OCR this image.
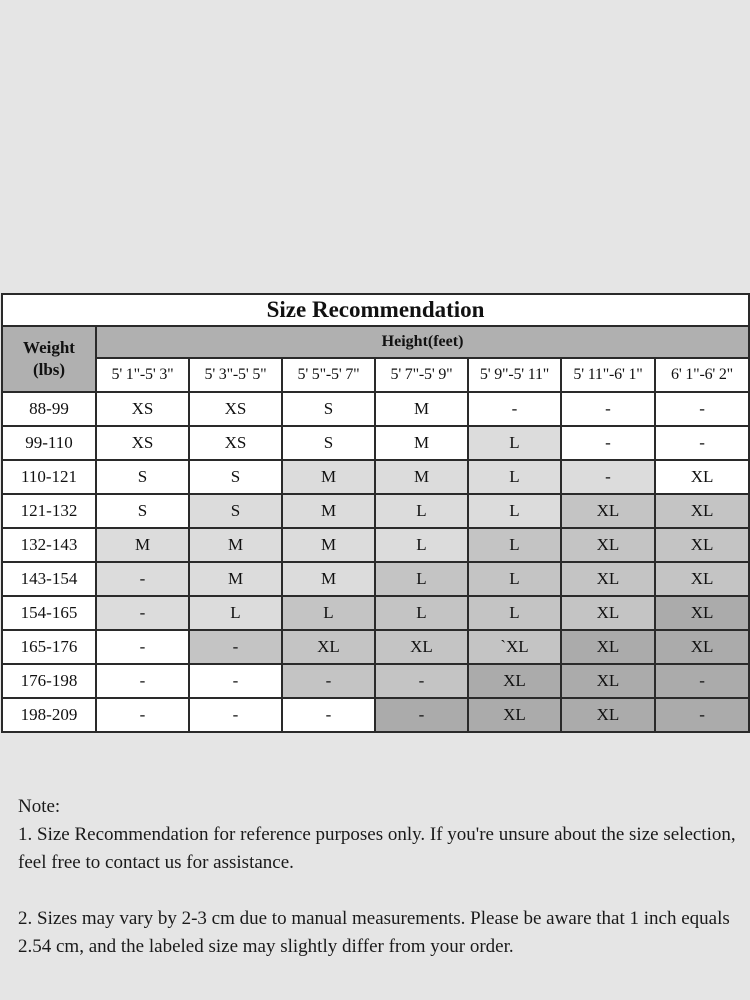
Size Recommendation							
Weight
(lbs)	Height(feet)						
	5' 1"-5' 3"	5' 3"-5' 5"	5' 5"-5' 7"	5' 7"-5' 9"	5' 9"-5' 11"	5' 11"-6' 1"	6' 1"-6' 2"
88-99	XS	XS	S	M	-	-	-
99-110	XS	XS	S	M	L	-	-
110-121	S	S	M	M	L	-	XL
121-132	S	S	M	L	L	XL	XL
132-143	M	M	M	L	L	XL	XL
143-154	-	M	M	L	L	XL	XL
154-165	-	L	L	L	L	XL	XL
165-176	-	-	XL	XL	`XL	XL	XL
176-198	-	-	-	-	XL	XL	-
198-209	-	-	-	-	XL	XL	-

Note:

1. Size Recommendation for reference purposes only. If you're unsure about the size selection, feel free to contact us for assistance.

2. Sizes may vary by 2-3 cm due to manual measurements. Please be aware that 1 inch equals 2.54 cm, and the labeled size may slightly differ from your order.
